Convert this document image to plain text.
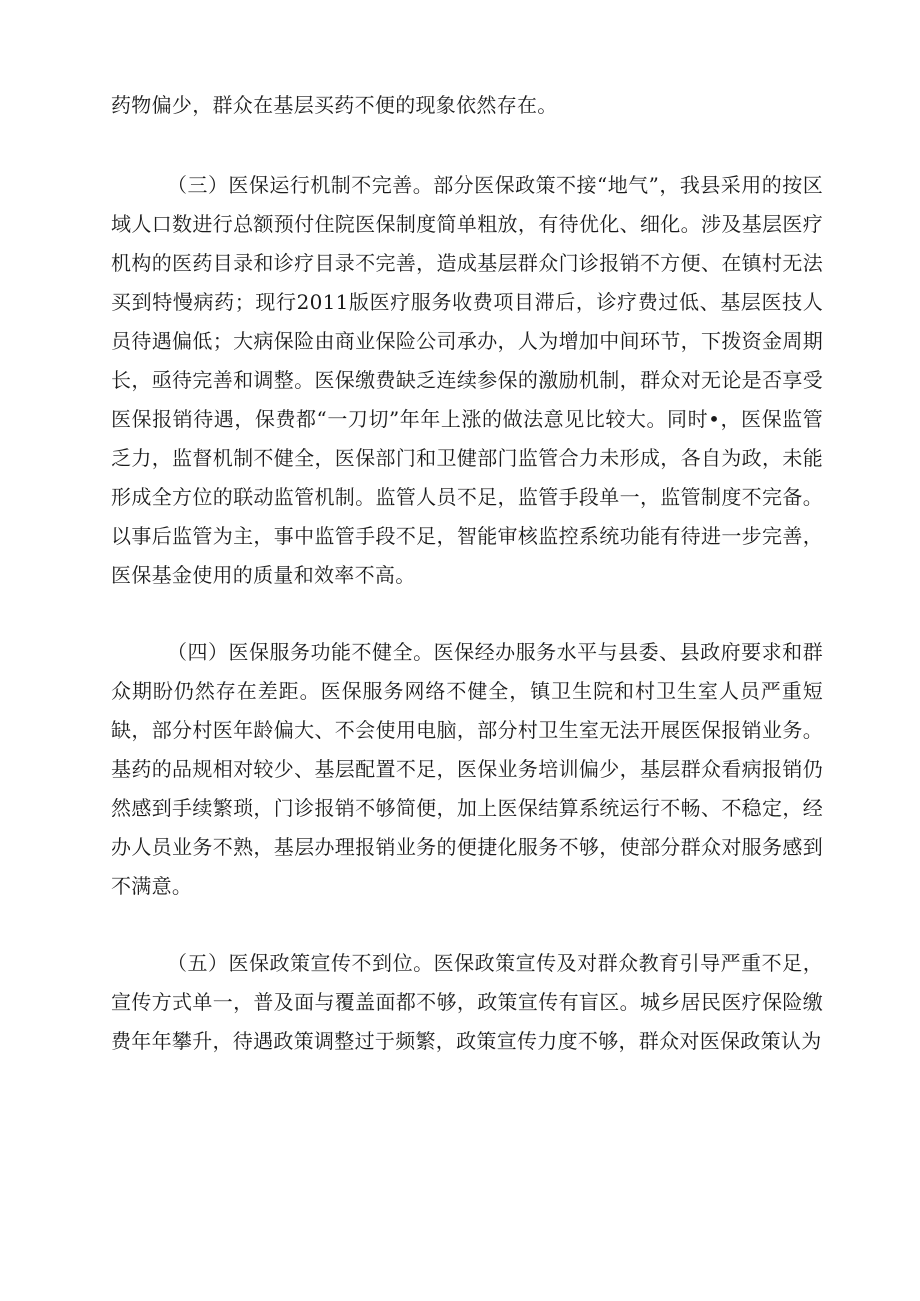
药物偏少，群众在基层买药不便的现象依然存在。

（三）医保运行机制不完善。部分医保政策不接“地气”，我县采用的按区域人口数进行总额预付住院医保制度简单粗放，有待优化、细化。涉及基层医疗机构的医药目录和诊疗目录不完善，造成基层群众门诊报销不方便、在镇村无法买到特慢病药；现行2011版医疗服务收费项目滞后，诊疗费过低、基层医技人员待遇偏低；大病保险由商业保险公司承办，人为增加中间环节，下拨资金周期长，亟待完善和调整。医保缴费缺乏连续参保的激励机制，群众对无论是否享受医保报销待遇，保费都“一刀切”年年上涨的做法意见比较大。同时•，医保监管乏力，监督机制不健全，医保部门和卫健部门监管合力未形成，各自为政，未能形成全方位的联动监管机制。监管人员不足，监管手段单一，监管制度不完备。以事后监管为主，事中监管手段不足，智能审核监控系统功能有待进一步完善，医保基金使用的质量和效率不高。

（四）医保服务功能不健全。医保经办服务水平与县委、县政府要求和群众期盼仍然存在差距。医保服务网络不健全，镇卫生院和村卫生室人员严重短缺，部分村医年龄偏大、不会使用电脑，部分村卫生室无法开展医保报销业务。基药的品规相对较少、基层配置不足，医保业务培训偏少，基层群众看病报销仍然感到手续繁琐，门诊报销不够简便，加上医保结算系统运行不畅、不稳定，经办人员业务不熟，基层办理报销业务的便捷化服务不够，使部分群众对服务感到不满意。

（五）医保政策宣传不到位。医保政策宣传及对群众教育引导严重不足，宣传方式单一，普及面与覆盖面都不够，政策宣传有盲区。城乡居民医疗保险缴费年年攀升，待遇政策调整过于频繁，政策宣传力度不够，群众对医保政策认为
